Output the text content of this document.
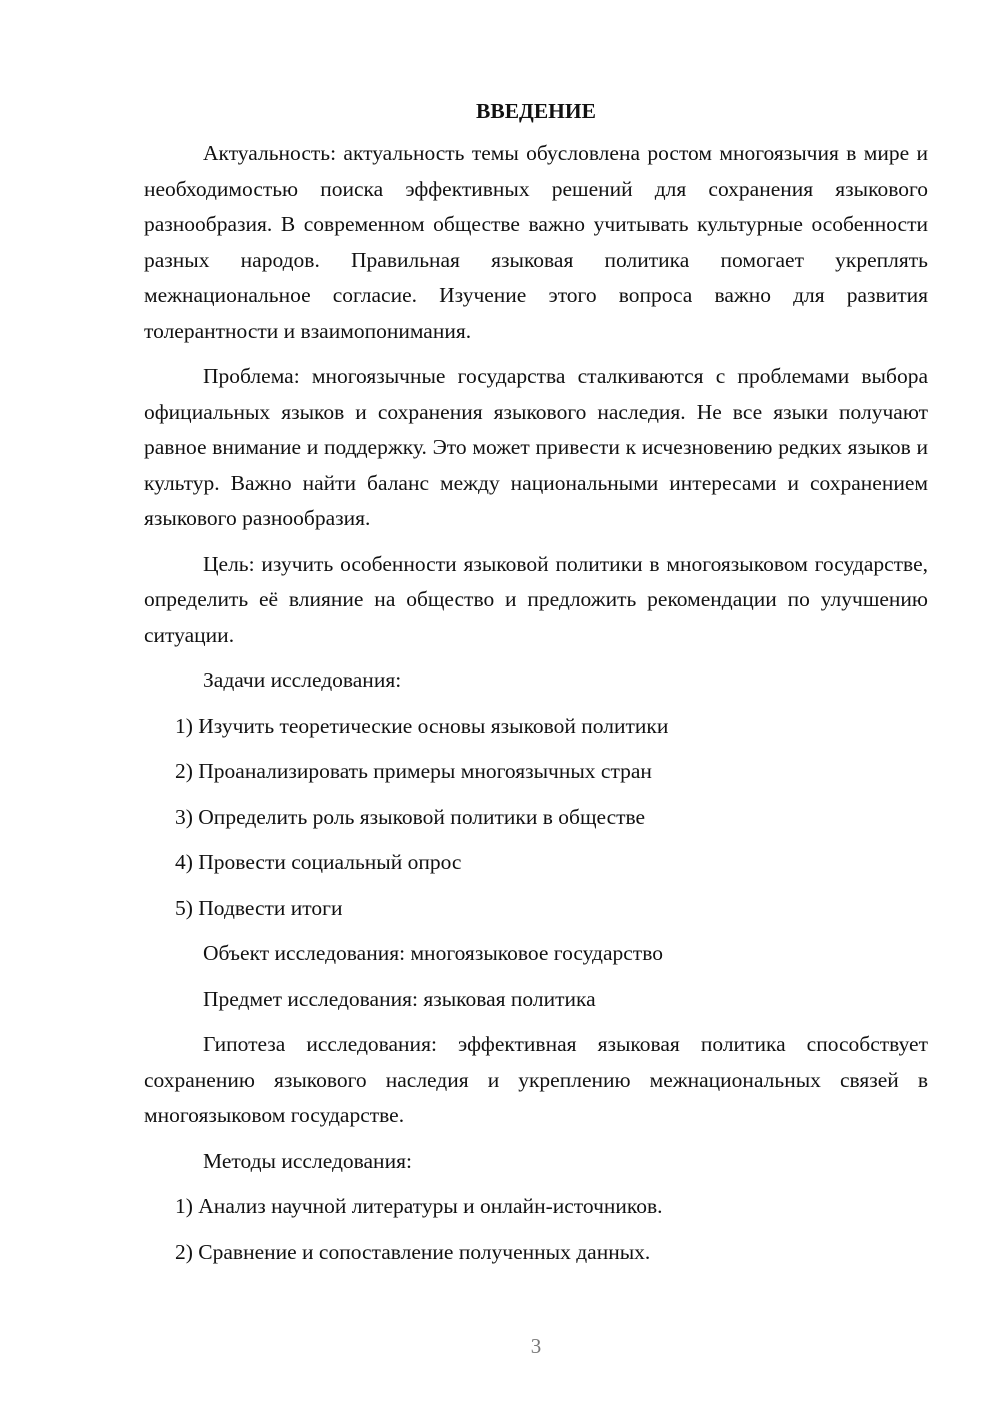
ВВЕДЕНИЕ
Актуальность: актуальность темы обусловлена ростом многоязычия в мире и необходимостью поиска эффективных решений для сохранения языкового разнообразия. В современном обществе важно учитывать культурные особенности разных народов. Правильная языковая политика помогает укреплять межнациональное согласие. Изучение этого вопроса важно для развития толерантности и взаимопонимания.
Проблема: многоязычные государства сталкиваются с проблемами выбора официальных языков и сохранения языкового наследия. Не все языки получают равное внимание и поддержку. Это может привести к исчезновению редких языков и культур. Важно найти баланс между национальными интересами и сохранением языкового разнообразия.
Цель: изучить особенности языковой политики в многоязыковом государстве, определить её влияние на общество и предложить рекомендации по улучшению ситуации.
Задачи исследования:
1) Изучить теоретические основы языковой политики
2) Проанализировать примеры многоязычных стран
3) Определить роль языковой политики в обществе
4) Провести социальный опрос
5) Подвести итоги
Объект исследования: многоязыковое государство
Предмет исследования: языковая политика
Гипотеза исследования: эффективная языковая политика способствует сохранению языкового наследия и укреплению межнациональных связей в многоязыковом государстве.
Методы исследования:
1) Анализ научной литературы и онлайн-источников.
2) Сравнение и сопоставление полученных данных.
3
